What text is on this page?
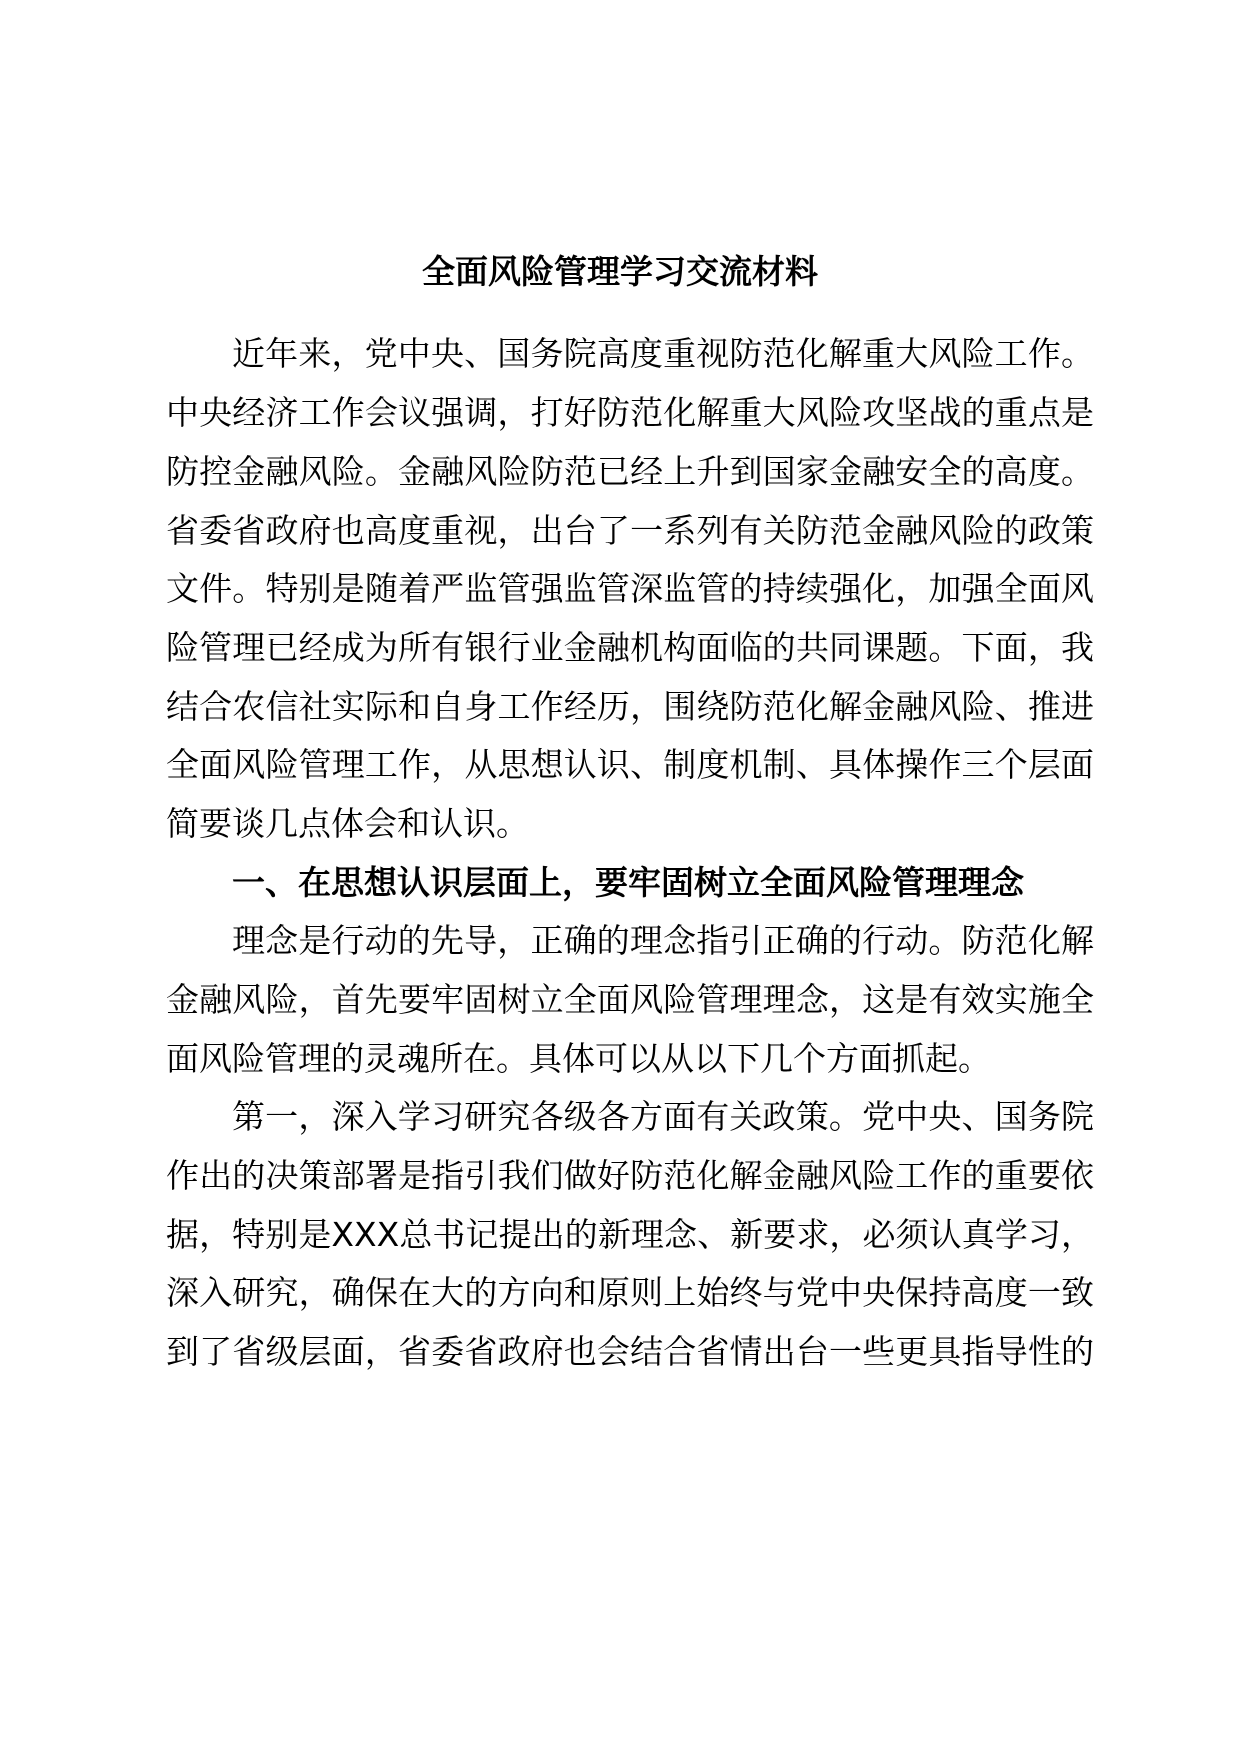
全面风险管理学习交流材料
近年来，党中央、国务院高度重视防范化解重大风险工作。
中央经济工作会议强调，打好防范化解重大风险攻坚战的重点是
防控金融风险。金融风险防范已经上升到国家金融安全的高度。
省委省政府也高度重视，出台了一系列有关防范金融风险的政策
文件。特别是随着严监管强监管深监管的持续强化，加强全面风
险管理已经成为所有银行业金融机构面临的共同课题。下面，我
结合农信社实际和自身工作经历，围绕防范化解金融风险、推进
全面风险管理工作，从思想认识、制度机制、具体操作三个层面
简要谈几点体会和认识。
一、在思想认识层面上，要牢固树立全面风险管理理念
理念是行动的先导，正确的理念指引正确的行动。防范化解
金融风险，首先要牢固树立全面风险管理理念，这是有效实施全
面风险管理的灵魂所在。具体可以从以下几个方面抓起。
第一，深入学习研究各级各方面有关政策。党中央、国务院
作出的决策部署是指引我们做好防范化解金融风险工作的重要依
据，特别是XXX总书记提出的新理念、新要求，必须认真学习，
深入研究，确保在大的方向和原则上始终与党中央保持高度一致
到了省级层面，省委省政府也会结合省情出台一些更具指导性的
